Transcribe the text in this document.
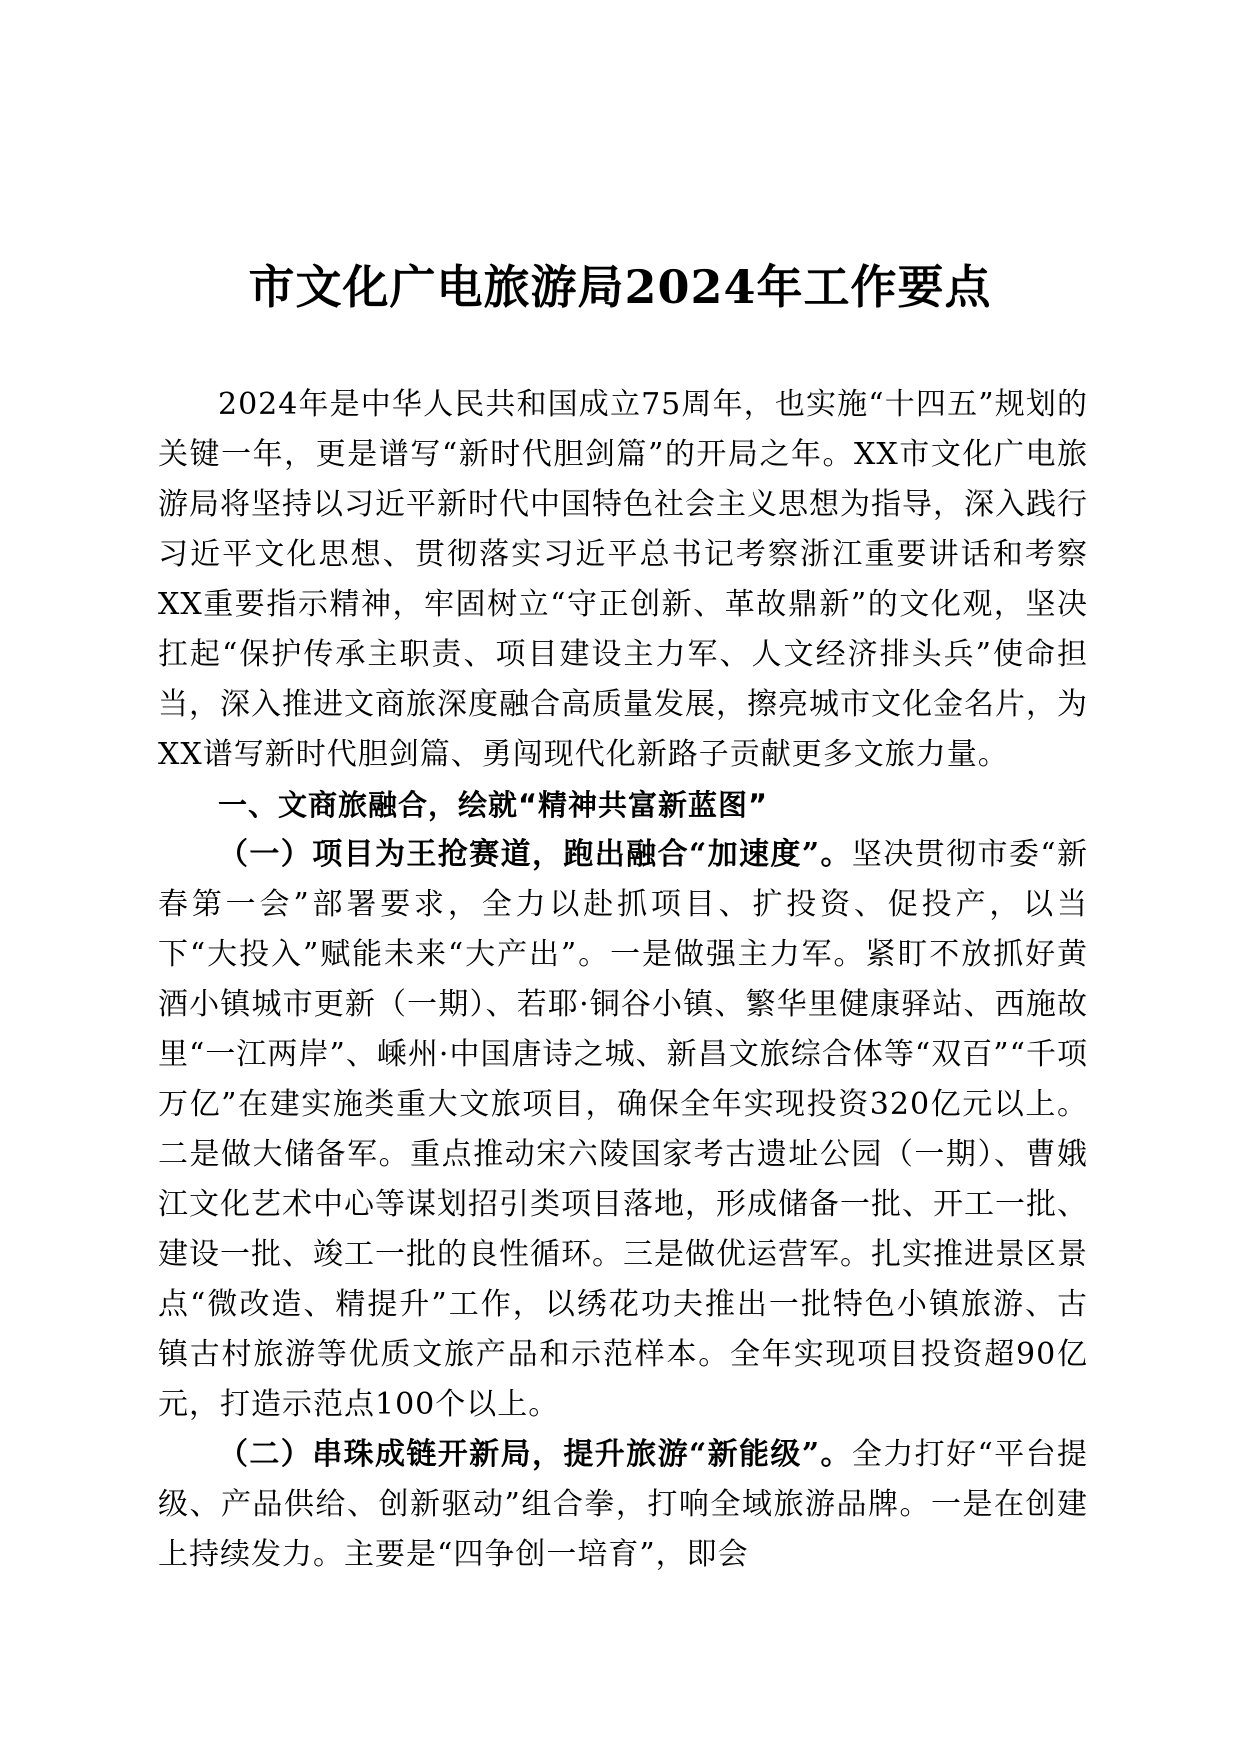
市文化广电旅游局2024年工作要点

2024年是中华人民共和国成立75周年，也实施“十四五”规划的关键一年，更是谱写“新时代胆剑篇”的开局之年。XX市文化广电旅游局将坚持以习近平新时代中国特色社会主义思想为指导，深入践行习近平文化思想、贯彻落实习近平总书记考察浙江重要讲话和考察XX重要指示精神，牢固树立“守正创新、革故鼎新”的文化观，坚决扛起“保护传承主职责、项目建设主力军、人文经济排头兵”使命担当，深入推进文商旅深度融合高质量发展，擦亮城市文化金名片，为XX谱写新时代胆剑篇、勇闯现代化新路子贡献更多文旅力量。

一、文商旅融合，绘就“精神共富新蓝图”

（一）项目为王抢赛道，跑出融合“加速度”。坚决贯彻市委“新春第一会”部署要求，全力以赴抓项目、扩投资、促投产，以当下“大投入”赋能未来“大产出”。一是做强主力军。紧盯不放抓好黄酒小镇城市更新（一期）、若耶·铜谷小镇、繁华里健康驿站、西施故里“一江两岸”、嵊州·中国唐诗之城、新昌文旅综合体等“双百”“千项万亿”在建实施类重大文旅项目，确保全年实现投资320亿元以上。二是做大储备军。重点推动宋六陵国家考古遗址公园（一期）、曹娥江文化艺术中心等谋划招引类项目落地，形成储备一批、开工一批、建设一批、竣工一批的良性循环。三是做优运营军。扎实推进景区景点“微改造、精提升”工作，以绣花功夫推出一批特色小镇旅游、古镇古村旅游等优质文旅产品和示范样本。全年实现项目投资超90亿元，打造示范点100个以上。

（二）串珠成链开新局，提升旅游“新能级”。全力打好“平台提级、产品供给、创新驱动”组合拳，打响全域旅游品牌。一是在创建上持续发力。主要是“四争创一培育”，即会
